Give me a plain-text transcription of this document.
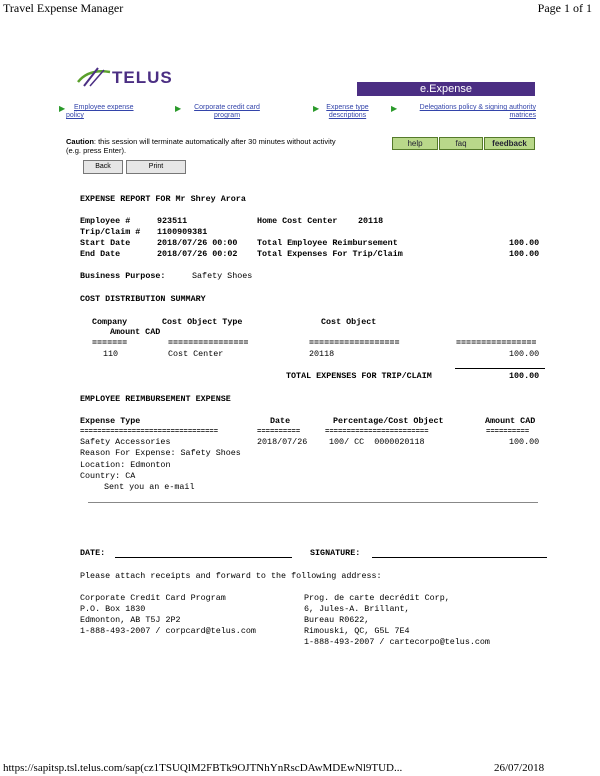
Travel Expense Manager	Page 1 of 1
TELUS
e.Expense
▶	Employee expense
policy
▶	Corporate credit card
program
▶	Expense type
descriptions
▶	Delegations policy & signing authority
matrices
Caution: this session will terminate automatically after 30 minutes without activity
(e.g. press Enter).
help	faq	feedback
Back	Print
EXPENSE REPORT FOR Mr Shrey Arora
Employee #	923511	Home Cost Center 20118
Trip/Claim # 1100909381
Start Date	2018/07/26 00:00 Total Employee Reimbursement	100.00
End Date	2018/07/26 00:02 Total Expenses For Trip/Claim	100.00
Business Purpose:	Safety Shoes
COST DISTRIBUTION SUMMARY
Company	Cost Object Type	Cost Object
Amount CAD
=======	================	==================	================
110	Cost Center	20118	100.00
TOTAL EXPENSES FOR TRIP/CLAIM	100.00
EMPLOYEE REIMBURSEMENT EXPENSE
Expense Type	Date	Percentage/Cost Object	Amount CAD
================================	==========	========================	==========
Safety Accessories	2018/07/26	100/ CC  0000020118	100.00
Reason For Expense: Safety Shoes
Location: Edmonton
Country: CA
Sent you an e-mail
DATE:	SIGNATURE:
Please attach receipts and forward to the following address:
Corporate Credit Card Program
P.O. Box 1830
Edmonton, AB T5J 2P2
1-888-493-2007 / corpcard@telus.com
Prog. de carte decrédit Corp,
6, Jules-A. Brillant,
Bureau R0622,
Rimouski, QC, G5L 7E4
1-888-493-2007 / cartecorpo@telus.com
https://sapitsp.tsl.telus.com/sap(cz1TSUQlM2FBTk9OJTNhYnRscDAwMDEwNl9TUD...	26/07/2018
